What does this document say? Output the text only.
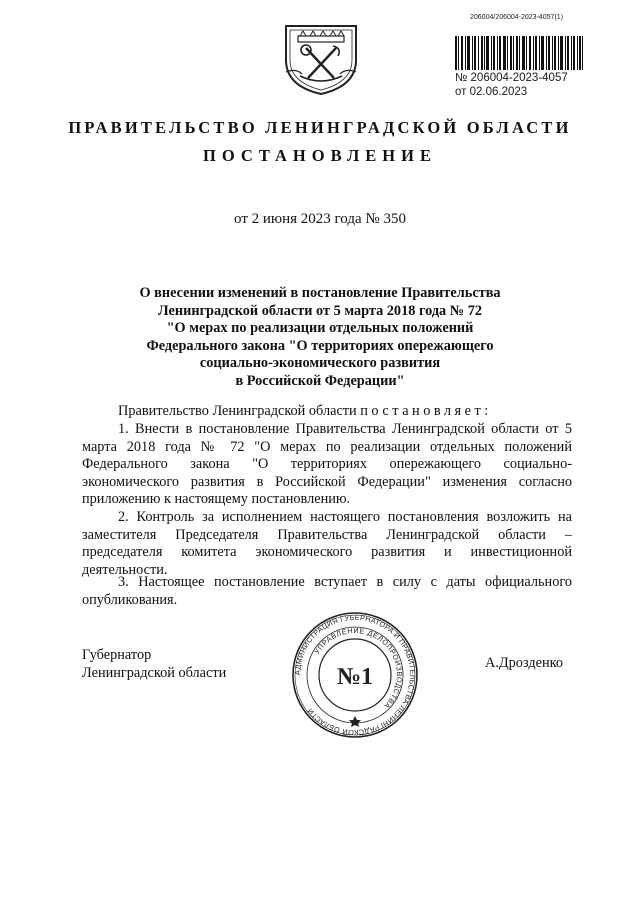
206004/206004-2023-4057(1)
№ 206004-2023-4057
от 02.06.2023
ПРАВИТЕЛЬСТВО ЛЕНИНГРАДСКОЙ ОБЛАСТИ
ПОСТАНОВЛЕНИЕ
от 2 июня 2023 года № 350
О внесении изменений в постановление Правительства
Ленинградской области от 5 марта 2018 года № 72
"О мерах по реализации отдельных положений
Федерального закона "О территориях опережающего
социально-экономического развития
в Российской Федерации"
Правительство Ленинградской области постановляет:
1. Внести в постановление Правительства Ленинградской области от 5 марта 2018 года № 72 "О мерах по реализации отдельных положений Федерального закона "О территориях опережающего социально-экономического развития в Российской Федерации" изменения согласно приложению к настоящему постановлению.
2. Контроль за исполнением настоящего постановления возложить на заместителя Председателя Правительства Ленинградской области – председателя комитета экономического развития и инвестиционной деятельности.
3. Настоящее постановление вступает в силу с даты официального опубликования.
Губернатор
Ленинградской области	АДМИНИСТРАЦИЯ ГУБЕРНАТОРА И ПРАВИТЕЛЬСТВА ЛЕНИНГРАДСКОЙ ОБЛАСТИ
УПРАВЛЕНИЕ ДЕЛОПРОИЗВОДСТВА
№1
А.Дрозденко
